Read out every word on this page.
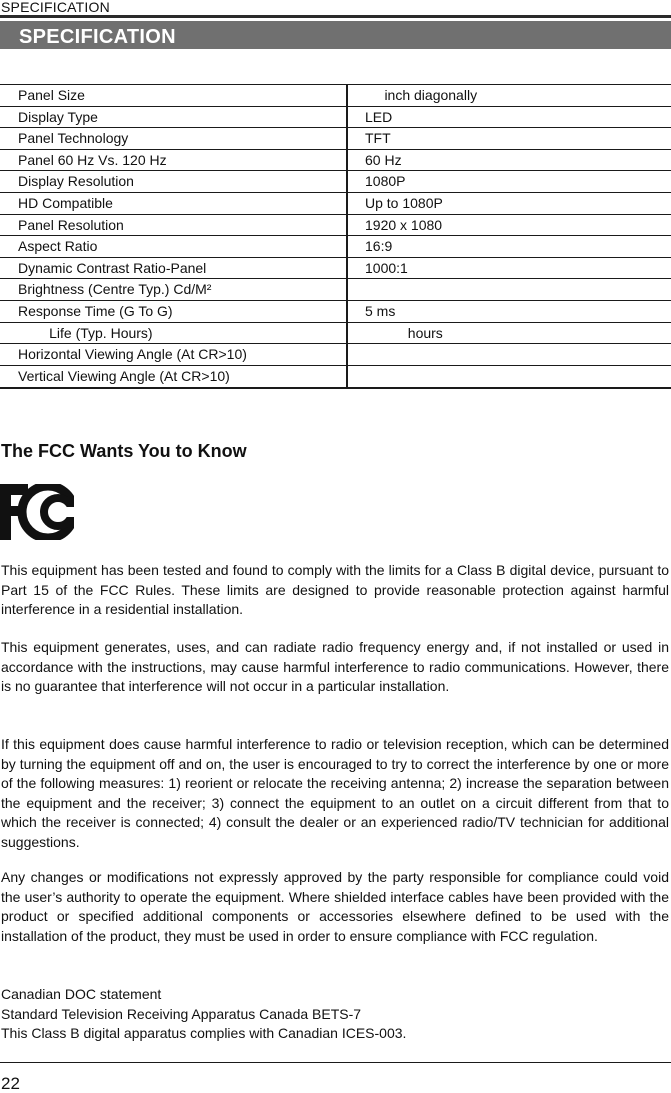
SPECIFICATION
SPECIFICATION
Panel Size	inch diagonally
Display Type	LED
Panel Technology	TFT
Panel 60 Hz Vs. 120 Hz	60 Hz
Display Resolution	1080P
HD Compatible	Up to 1080P
Panel Resolution	1920 x 1080
Aspect Ratio	16:9
Dynamic Contrast Ratio-Panel	1000:1
Brightness (Centre Typ.) Cd/M²
Response Time (G To G)	5 ms
Life (Typ. Hours)	hours
Horizontal Viewing Angle (At CR>10)
Vertical Viewing Angle (At CR>10)
The FCC Wants You to Know

This equipment has been tested and found to comply with the limits for a Class B digital device, pursuant to Part 15 of the FCC Rules. These limits are designed to provide reasonable protection against harmful interference in a residential installation.

This equipment generates, uses, and can radiate radio frequency energy and, if not installed or used in accordance with the instructions, may cause harmful interference to radio communications. However, there is no guarantee that interference will not occur in a particular installation.

If this equipment does cause harmful interference to radio or television reception, which can be determined by turning the equipment off and on, the user is encouraged to try to correct the interference by one or more of the following measures: 1) reorient or relocate the receiving antenna; 2) increase the separation between the equipment and the receiver; 3) connect the equipment to an outlet on a circuit different from that to which the receiver is connected; 4) consult the dealer or an experienced radio/TV technician for additional suggestions.

Any changes or modifications not expressly approved by the party responsible for compliance could void the user’s authority to operate the equipment. Where shielded interface cables have been provided with the product or specified additional components or accessories elsewhere defined to be used with the installation of the product, they must be used in order to ensure compliance with FCC regulation.

Canadian DOC statement
Standard Television Receiving Apparatus Canada BETS-7
This Class B digital apparatus complies with Canadian ICES-003.
22
